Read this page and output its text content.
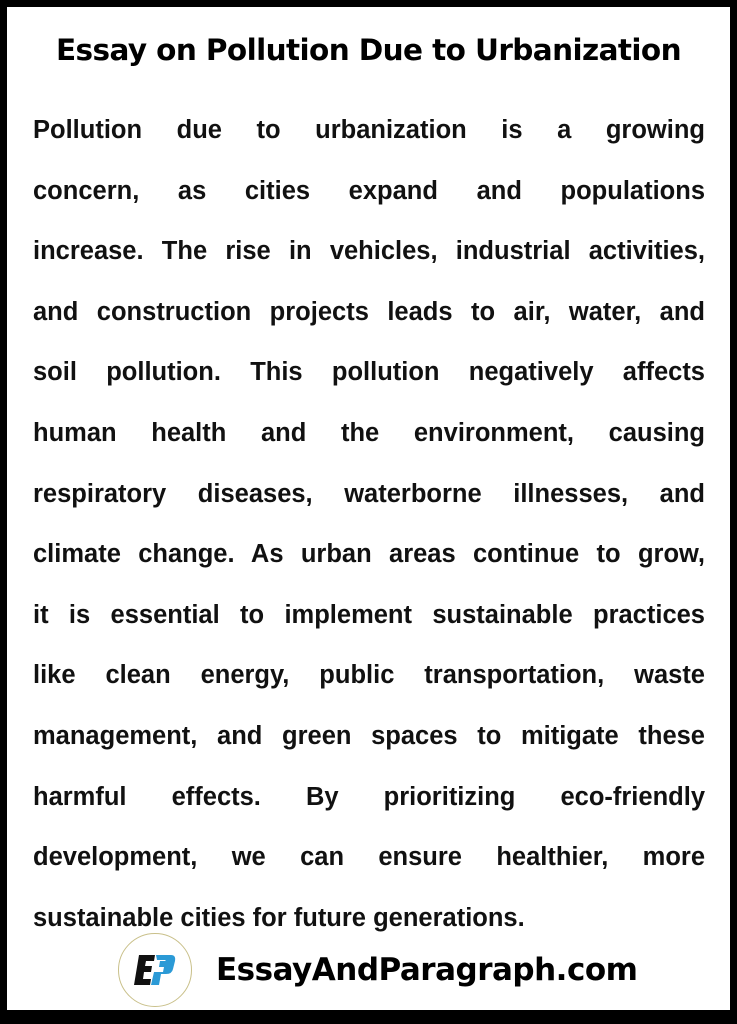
Essay on Pollution Due to Urbanization
Pollution due to urbanization is a growing
concern, as cities expand and populations
increase. The rise in vehicles, industrial activities,
and construction projects leads to air, water, and
soil pollution. This pollution negatively affects
human health and the environment, causing
respiratory diseases, waterborne illnesses, and
climate change. As urban areas continue to grow,
it is essential to implement sustainable practices
like clean energy, public transportation, waste
management, and green spaces to mitigate these
harmful effects. By prioritizing eco-friendly
development, we can ensure healthier, more
sustainable cities for future generations.
EssayAndParagraph.com
